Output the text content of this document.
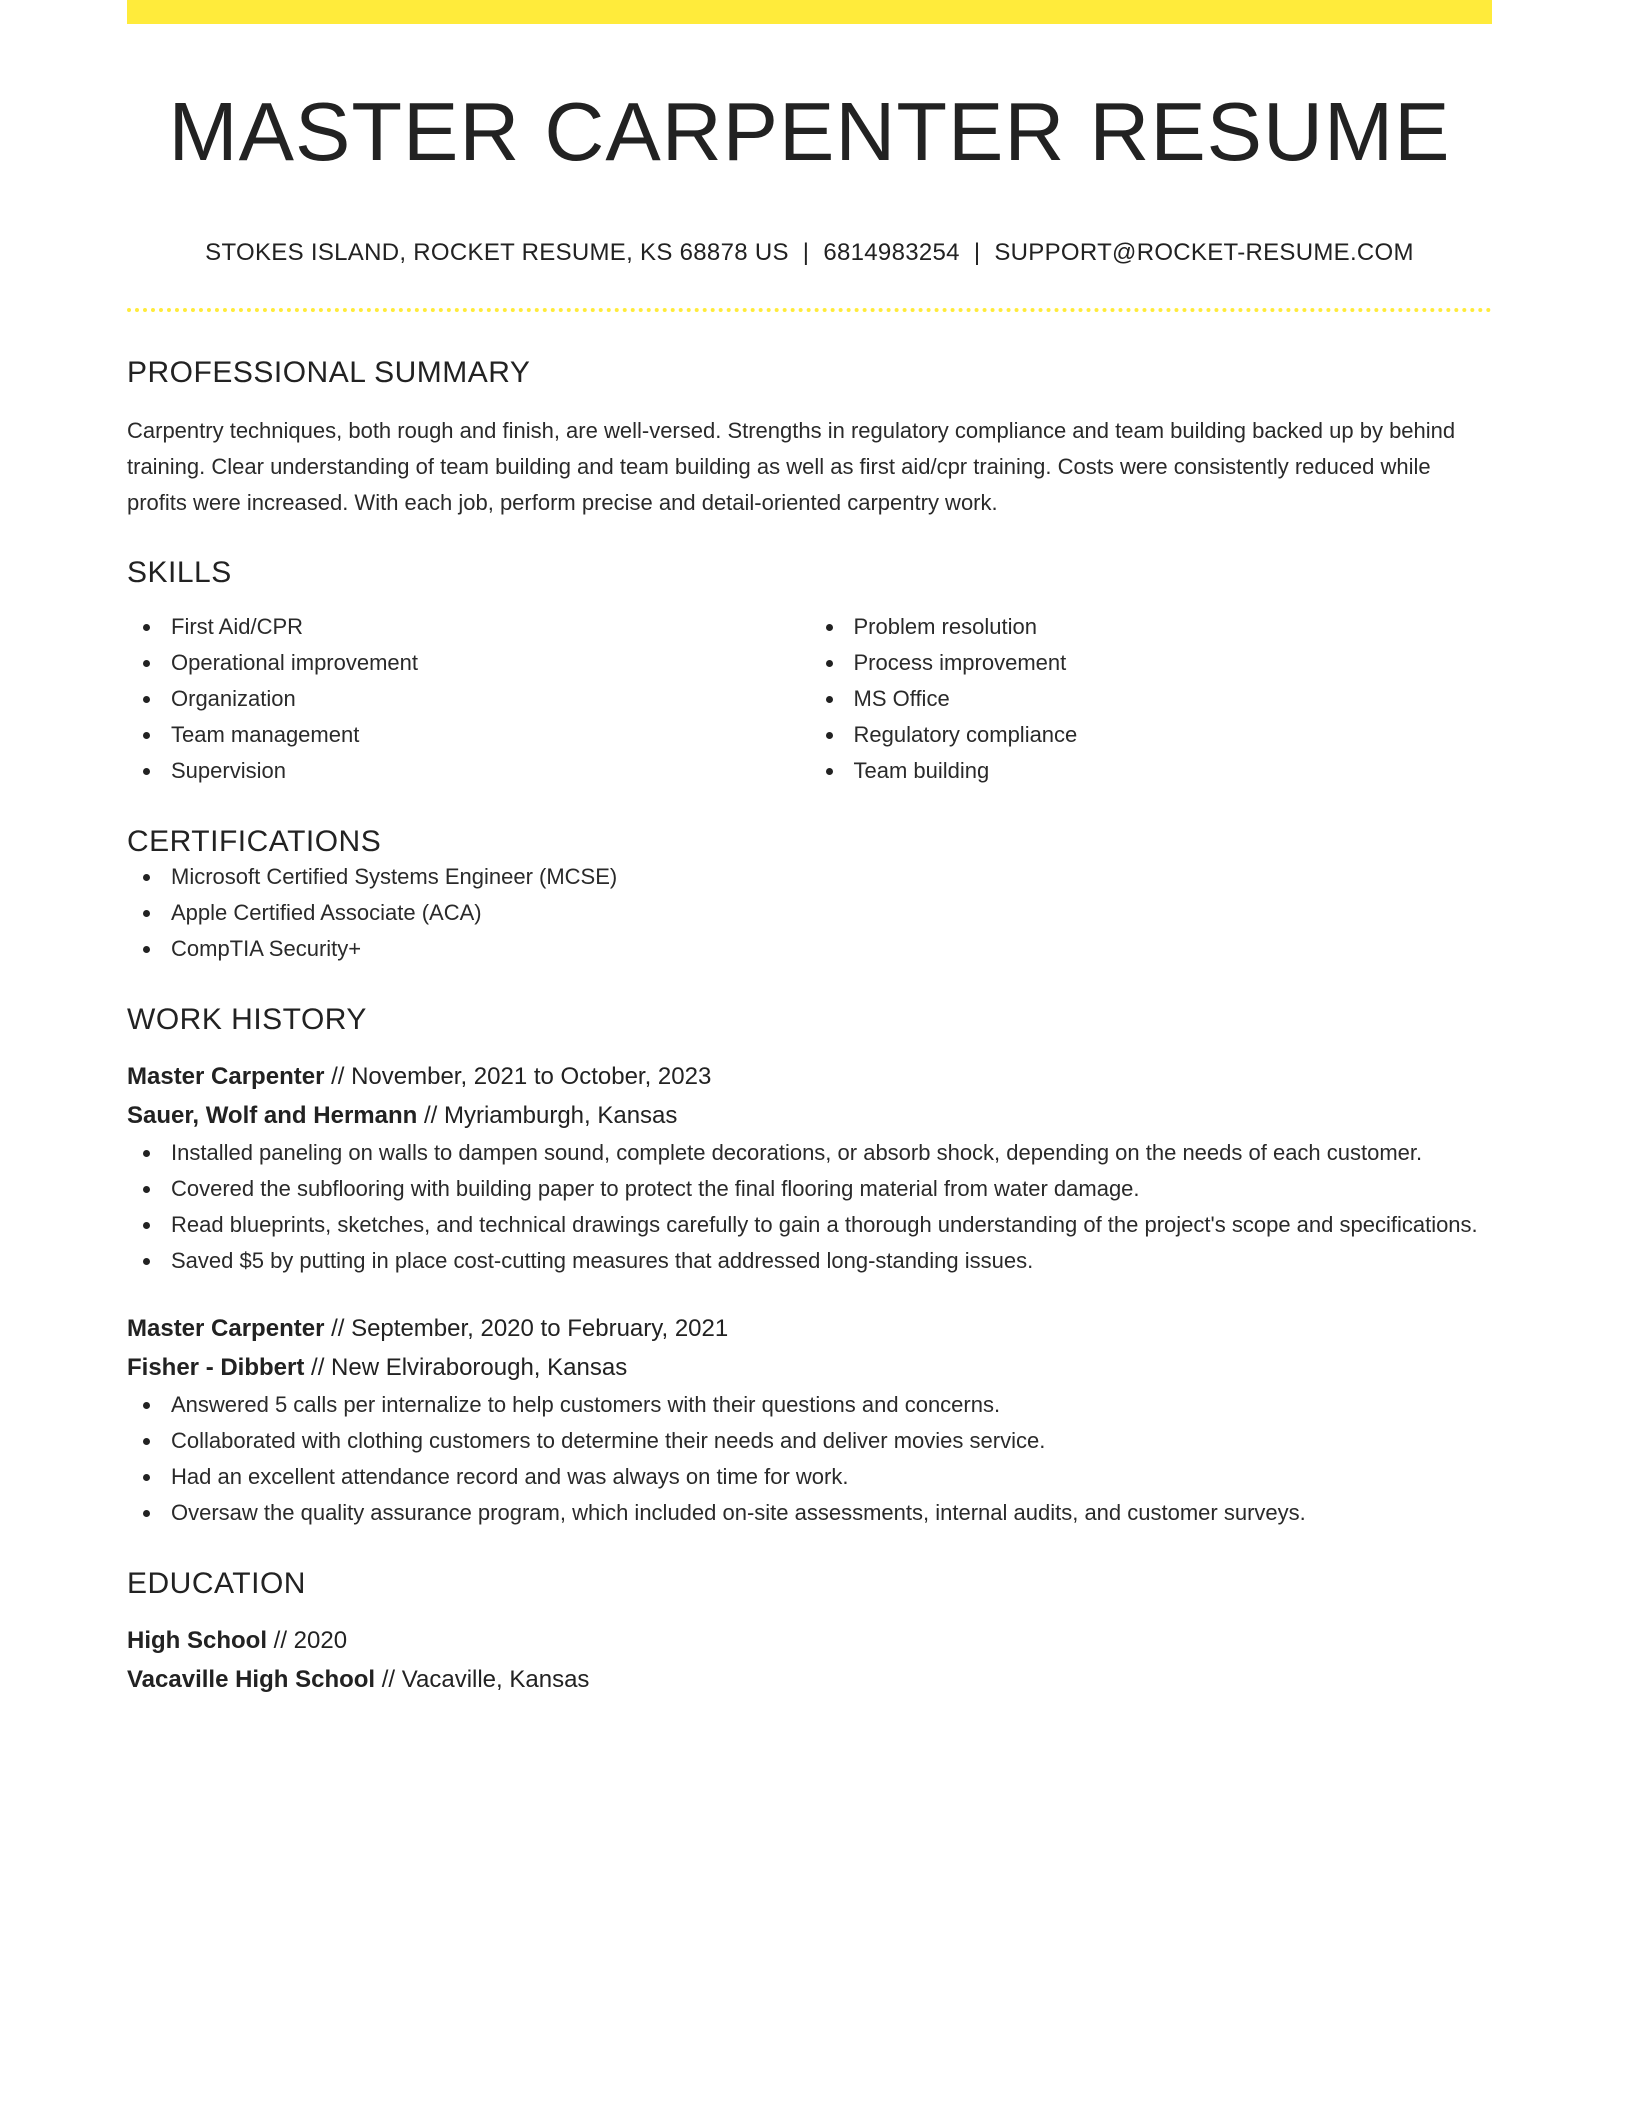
MASTER CARPENTER RESUME
STOKES ISLAND, ROCKET RESUME, KS 68878 US | 6814983254 | SUPPORT@ROCKET-RESUME.COM
PROFESSIONAL SUMMARY
Carpentry techniques, both rough and finish, are well-versed. Strengths in regulatory compliance and team building backed up by behind training. Clear understanding of team building and team building as well as first aid/cpr training. Costs were consistently reduced while profits were increased. With each job, perform precise and detail-oriented carpentry work.
SKILLS
First Aid/CPR
Operational improvement
Organization
Team management
Supervision
Problem resolution
Process improvement
MS Office
Regulatory compliance
Team building
CERTIFICATIONS
Microsoft Certified Systems Engineer (MCSE)
Apple Certified Associate (ACA)
CompTIA Security+
WORK HISTORY
Master Carpenter // November, 2021 to October, 2023
Sauer, Wolf and Hermann // Myriamburgh, Kansas
Installed paneling on walls to dampen sound, complete decorations, or absorb shock, depending on the needs of each customer.
Covered the subflooring with building paper to protect the final flooring material from water damage.
Read blueprints, sketches, and technical drawings carefully to gain a thorough understanding of the project's scope and specifications.
Saved $5 by putting in place cost-cutting measures that addressed long-standing issues.
Master Carpenter // September, 2020 to February, 2021
Fisher - Dibbert // New Elviraborough, Kansas
Answered 5 calls per internalize to help customers with their questions and concerns.
Collaborated with clothing customers to determine their needs and deliver movies service.
Had an excellent attendance record and was always on time for work.
Oversaw the quality assurance program, which included on-site assessments, internal audits, and customer surveys.
EDUCATION
High School // 2020
Vacaville High School // Vacaville, Kansas
